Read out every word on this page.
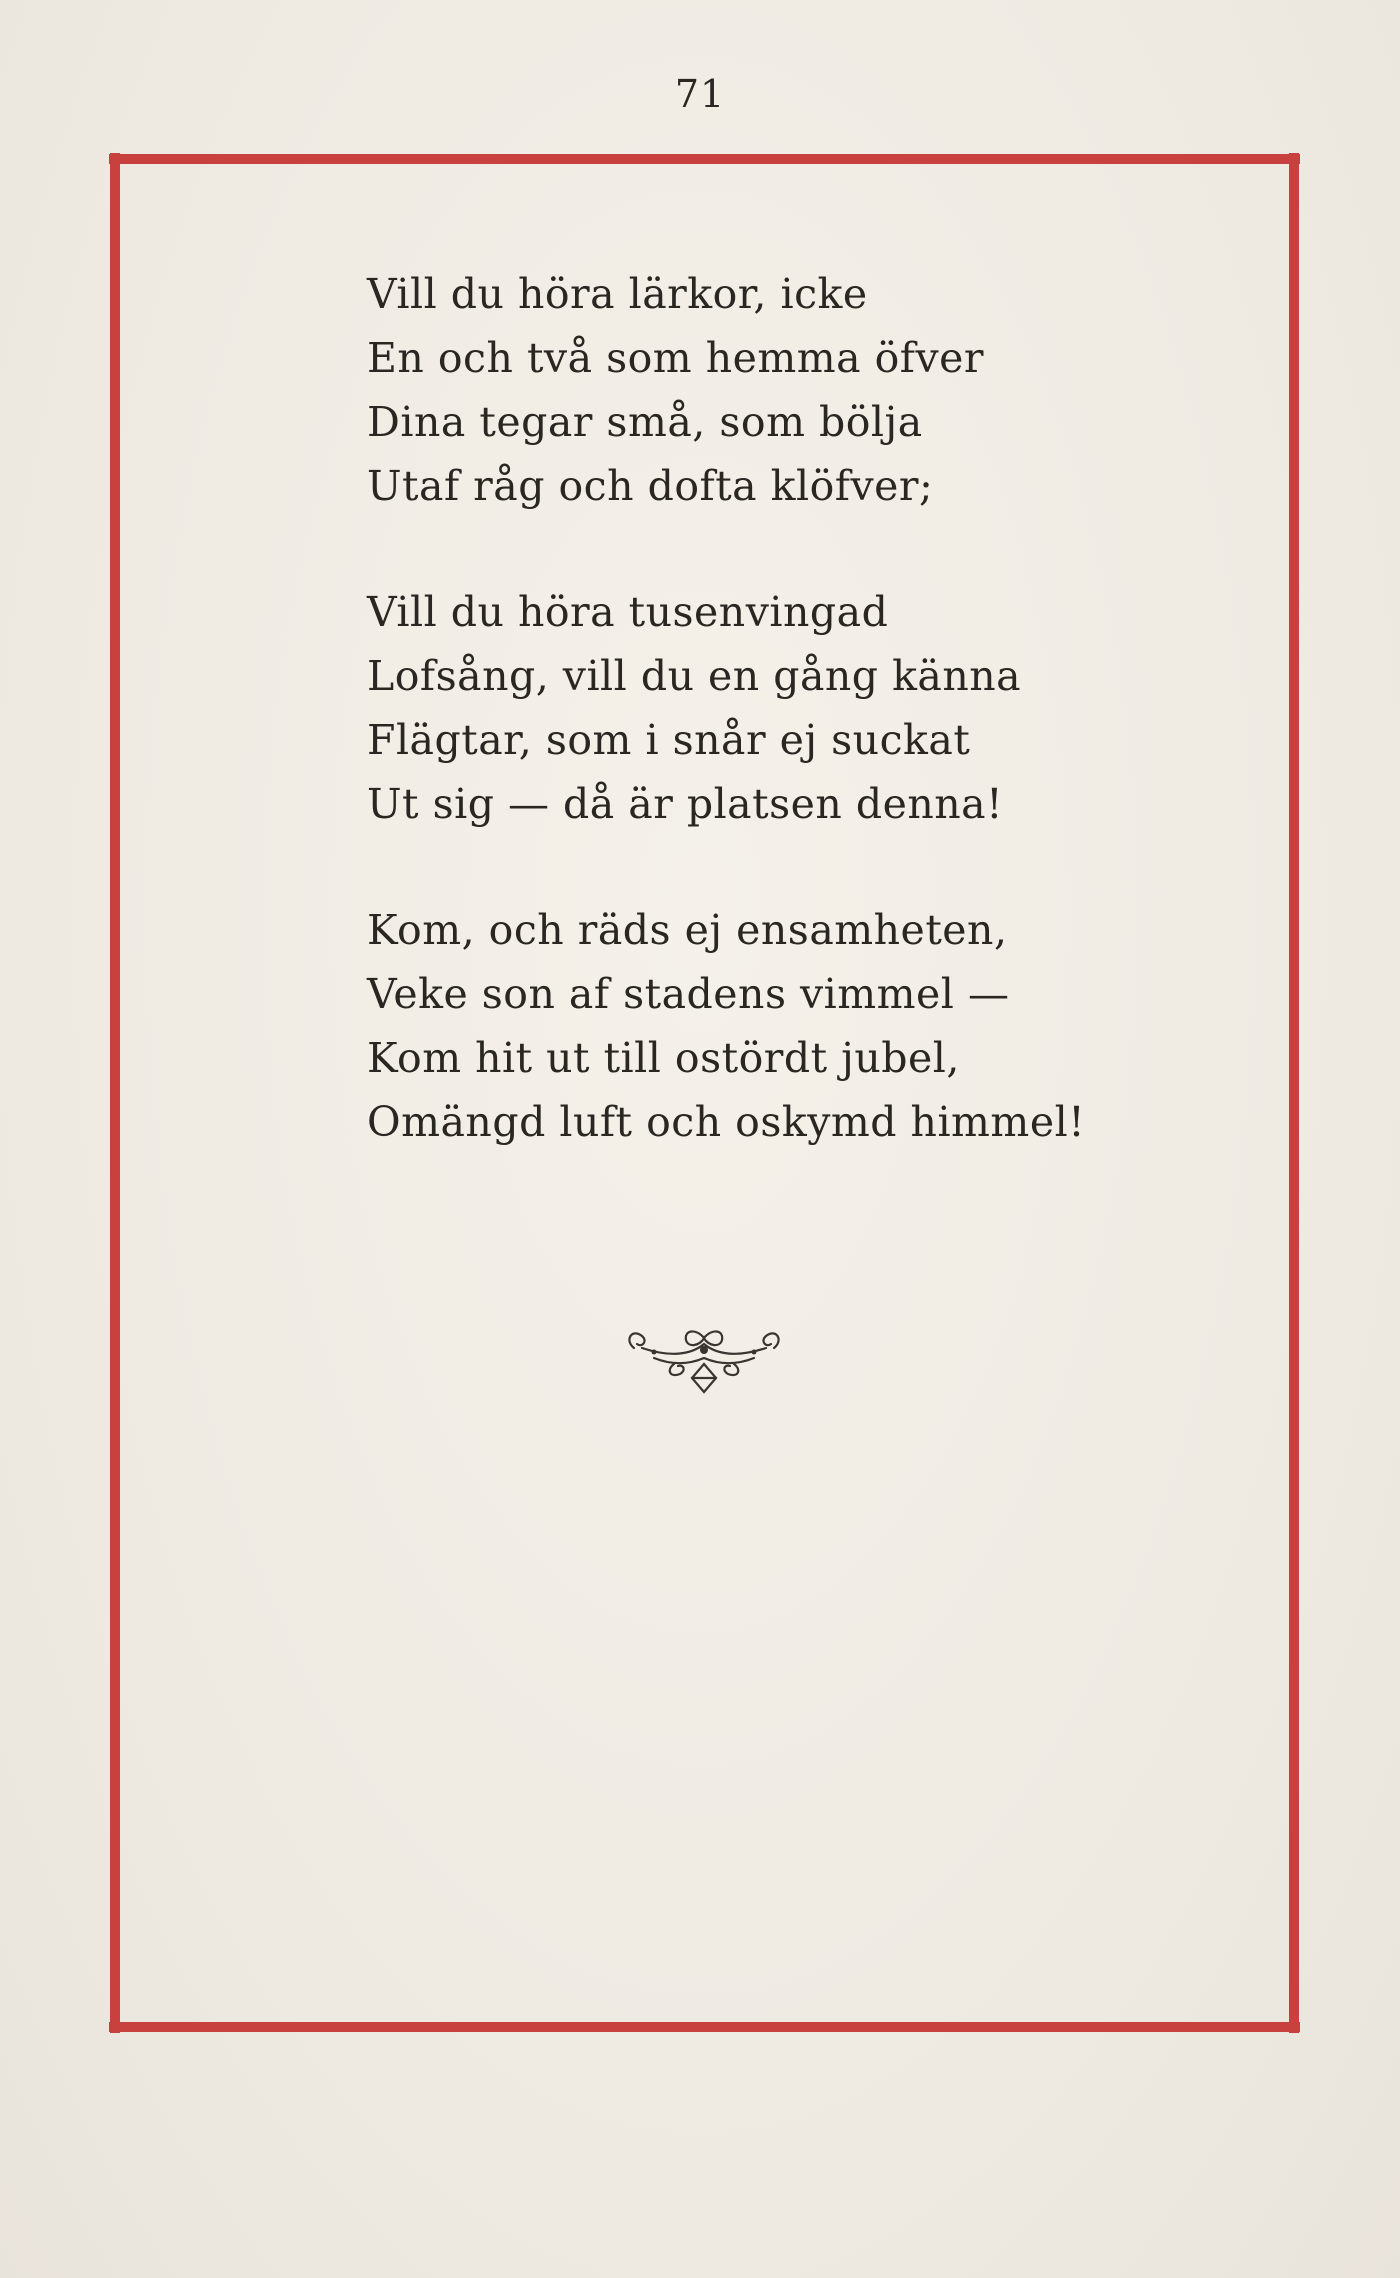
71
Vill du höra lärkor, icke
En och två som hemma öfver
Dina tegar små, som bölja
Utaf råg och dofta klöfver;
Vill du höra tusenvingad
Lofsång, vill du en gång känna
Flägtar, som i snår ej suckat
Ut sig — då är platsen denna!
Kom, och räds ej ensamheten,
Veke son af stadens vimmel —
Kom hit ut till ostördt jubel,
Omängd luft och oskymd himmel!
